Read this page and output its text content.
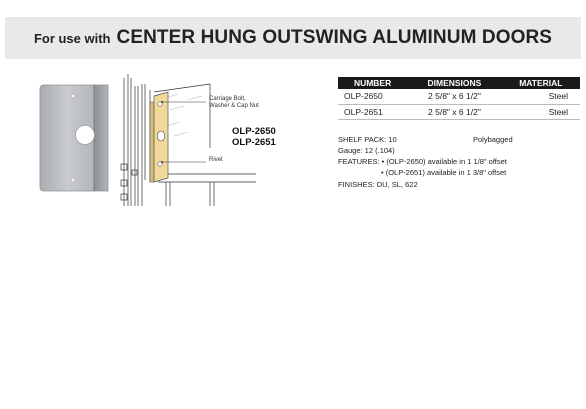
For use with CENTER HUNG OUTSWING ALUMINUM DOORS
Carriage Bolt,
Washer & Cap Nut
Rivet
OLP-2650
OLP-2651
NUMBER	DIMENSIONS	MATERIAL
OLP-2650	2 5/8" x 6 1/2"	Steel
OLP-2651	2 5/8" x 6 1/2"	Steel
SHELF PACK: 10	Polybagged
Gauge: 12 (.104)
FEATURES: • (OLP-2650) available in 1 1/8" offset
• (OLP-2651) available in 1 3/8" offset
FINISHES: DU, SL, 622
